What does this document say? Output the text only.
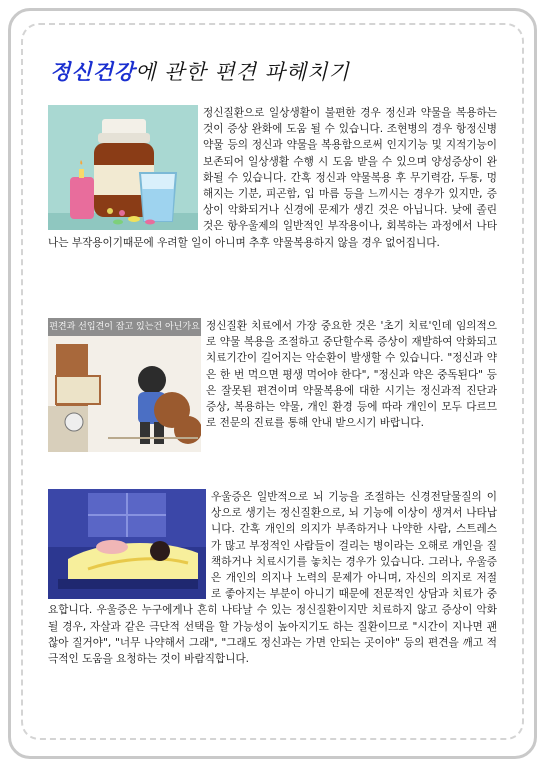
정신건강에 관한 편견 파헤치기
정신질환으로 일상생활이 불편한 경우 정신과 약물을 복용하는 것이 증상 완화에 도움 될 수 있습니다. 조현병의 경우 항정신병약물 등의 정신과 약물을 복용함으로써 인지기능 및 지적기능이 보존되어 일상생활 수행 시 도움 받을 수 있으며 양성증상이 완화될 수 있습니다. 간혹 정신과 약물복용 후 무기력감, 두통, 멍해지는 기분, 피곤함, 입 마름 등을 느끼시는 경우가 있지만, 증상이 악화되거나 신경에 문제가 생긴 것은 아닙니다. 낮에 졸린 것은 항우울제의 일반적인 부작용이나, 회복하는 과정에서 나타나는 부작용이기때문에 우려할 일이 아니며 추후 약물복용하지 않을 경우 없어집니다.
편견과 선입견이 잡고 있는건 아닌가요 정신질환 치료에서 가장 중요한 것은 '초기 치료'인데 임의적으로 약물 복용을 조절하고 중단할수록 증상이 재발하여 악화되고 치료기간이 길어지는 악순환이 발생할 수 있습니다. "정신과 약은 한 번 먹으면 평생 먹어야 한다", "정신과 약은 중독된다" 등은 잘못된 편견이며 약물복용에 대한 시기는 정신과적 진단과 증상, 복용하는 약물, 개인 환경 등에 따라 개인이 모두 다르므로 전문의 진료를 통해 안내 받으시기 바랍니다.
우울증은 일반적으로 뇌 기능을 조절하는 신경전달물질의 이상으로 생기는 정신질환으로, 뇌 기능에 이상이 생겨서 나타납니다. 간혹 개인의 의지가 부족하거나 나약한 사람, 스트레스가 많고 부정적인 사람들이 걸리는 병이라는 오해로 개인을 질책하거나 치료시기를 놓치는 경우가 있습니다. 그러나, 우울증은 개인의 의지나 노력의 문제가 아니며, 자신의 의지로 저절로 좋아지는 부분이 아니기 때문에 전문적인 상담과 치료가 중요합니다. 우울증은 누구에게나 흔히 나타날 수 있는 정신질환이지만 치료하지 않고 증상이 악화될 경우, 자살과 같은 극단적 선택을 할 가능성이 높아지기도 하는 질환이므로 "시간이 지나면 괜찮아 질거야", "너무 나약해서 그래", "그래도 정신과는 가면 안되는 곳이야" 등의 편견을 깨고 적극적인 도움을 요청하는 것이 바람직합니다.
